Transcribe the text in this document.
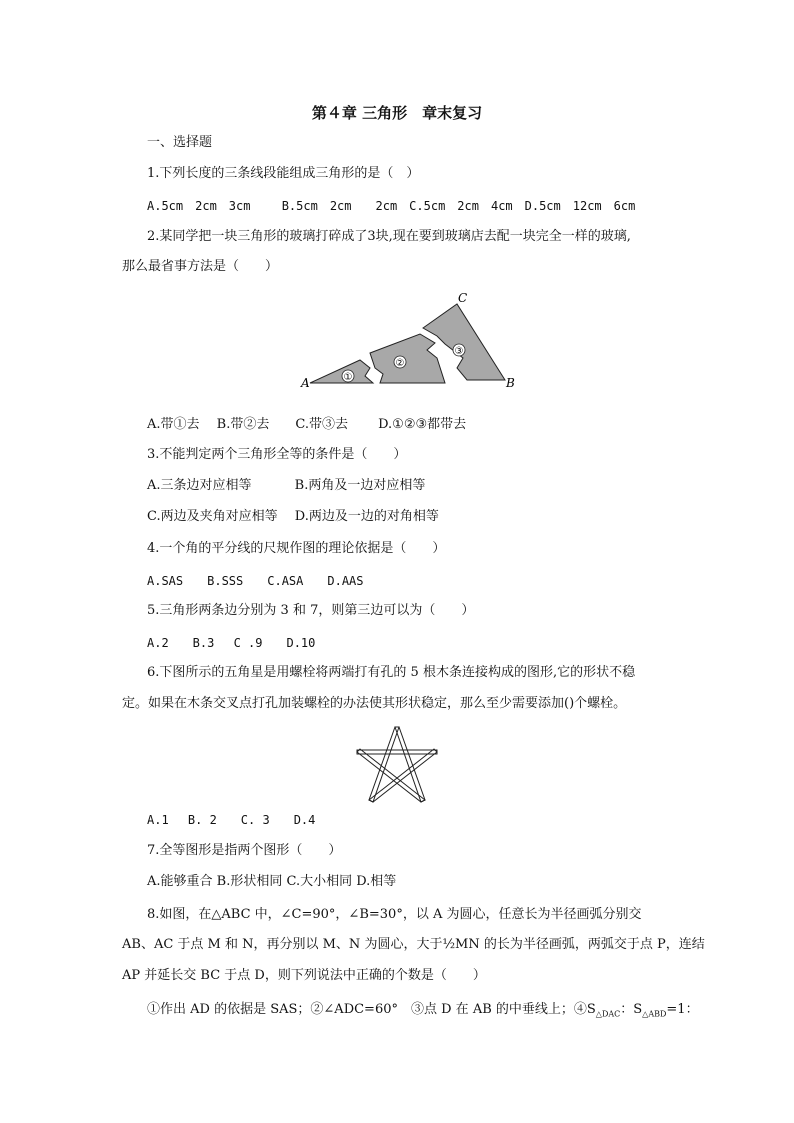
第４章 三角形　章末复习
一、选择题
1.下列长度的三条线段能组成三角形的是（　）
A.5cm　2cm　3cm　　 B.5cm　2cm　　2cm　C.5cm　2cm　4cm　D.5cm　12cm　6cm
2.某同学把一块三角形的玻璃打碎成了3块,现在要到玻璃店去配一块完全一样的玻璃,
那么最省事方法是（　　）
①
②
③
A	B
C
A.带①去　 B.带②去　　C.带③去　　 D.①②③都带去
3.不能判定两个三角形全等的条件是（　　）
A.三条边对应相等　　　 B.两角及一边对应相等
C.两边及夹角对应相等　 D.两边及一边的对角相等
4.一个角的平分线的尺规作图的理论依据是（　　）
A.SAS　　B.SSS　　C.ASA　　D.AAS
5.三角形两条边分别为 3 和 7，则第三边可以为（　　）
A.2　　B.3　 C .9　　D.10
6.下图所示的五角星是用螺栓将两端打有孔的 5 根木条连接构成的图形,它的形状不稳
定。如果在木条交叉点打孔加装螺栓的办法使其形状稳定，那么至少需要添加()个螺栓。
A.1　 B. 2　　C. 3　　D.4
7.全等图形是指两个图形（　　）
A.能够重合 B.形状相同 C.大小相同 D.相等
8.如图，在△ABC 中，∠C=90°，∠B=30°，以 A 为圆心，任意长为半径画弧分别交
AB、AC 于点 M 和 N，再分别以 M、N 为圆心，大于½MN 的长为半径画弧，两弧交于点 P，连结
AP 并延长交 BC 于点 D，则下列说法中正确的个数是（　　）
①作出 AD 的依据是 SAS；②∠ADC=60°　③点 D 在 AB 的中垂线上；$④S_{\triangle DAC}$：$S_{\triangle ABD}=1$：
